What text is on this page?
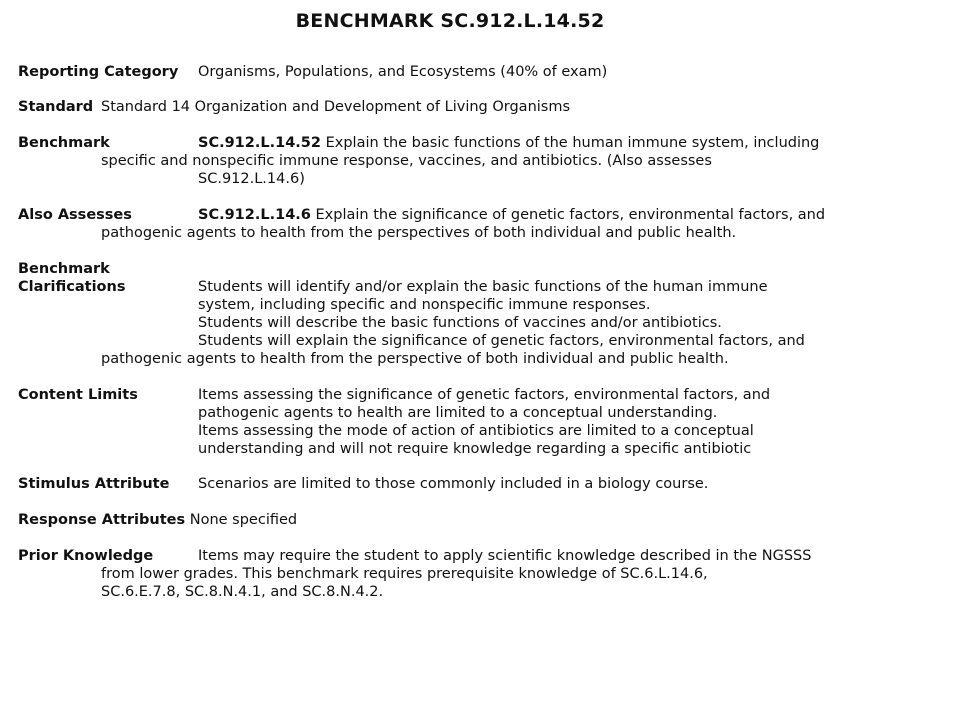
BENCHMARK SC.912.L.14.52
Reporting Category Organisms, Populations, and Ecosystems (40% of exam)
Standard Standard 14 Organization and Development of Living Organisms
Benchmark	SC.912.L.14.52 Explain the basic functions of the human immune system, including
specific and nonspecific immune response, vaccines, and antibiotics. (Also assesses
SC.912.L.14.6)
Also Assesses	SC.912.L.14.6 Explain the significance of genetic factors, environmental factors, and
pathogenic agents to health from the perspectives of both individual and public health.
Benchmark
Clarifications	Students will identify and/or explain the basic functions of the human immune
system, including specific and nonspecific immune responses.
Students will describe the basic functions of vaccines and/or antibiotics.
Students will explain the significance of genetic factors, environmental factors, and
pathogenic agents to health from the perspective of both individual and public health.
Content Limits	Items assessing the significance of genetic factors, environmental factors, and
pathogenic agents to health are limited to a conceptual understanding.
Items assessing the mode of action of antibiotics are limited to a conceptual
understanding and will not require knowledge regarding a specific antibiotic
Stimulus Attribute Scenarios are limited to those commonly included in a biology course.
Response Attributes None specified
Prior Knowledge	Items may require the student to apply scientific knowledge described in the NGSSS
from lower grades. This benchmark requires prerequisite knowledge of SC.6.L.14.6,
SC.6.E.7.8, SC.8.N.4.1, and SC.8.N.4.2.
